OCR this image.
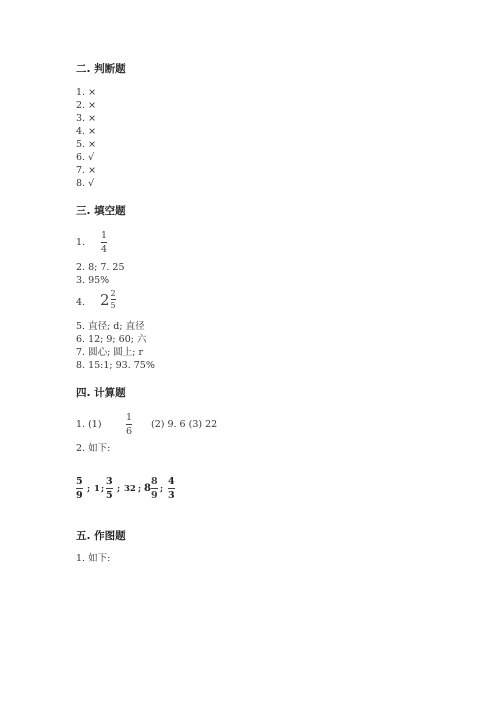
二. 判断题
1. ×
2. ×
3. ×
4. ×
5. ×
6. √
7. ×
8. √
三. 填空题
1.
1
4
2. 8; 7. 25
3. 95%
4. $2 \frac{2}{5}$
5. 直径; d; 直径
6. 12; 9; 60; 六
7. 圆心; 圆上; r
8. 15:1; 93. 75%
四. 计算题
1. (1)
1
6
(2) 9. 6 (3) 22
2. 如下:
5
9
; 1 ;
3
5
; 32 ; $8 \frac{8}{9}$ ;
4
3
五. 作图题
1. 如下:
